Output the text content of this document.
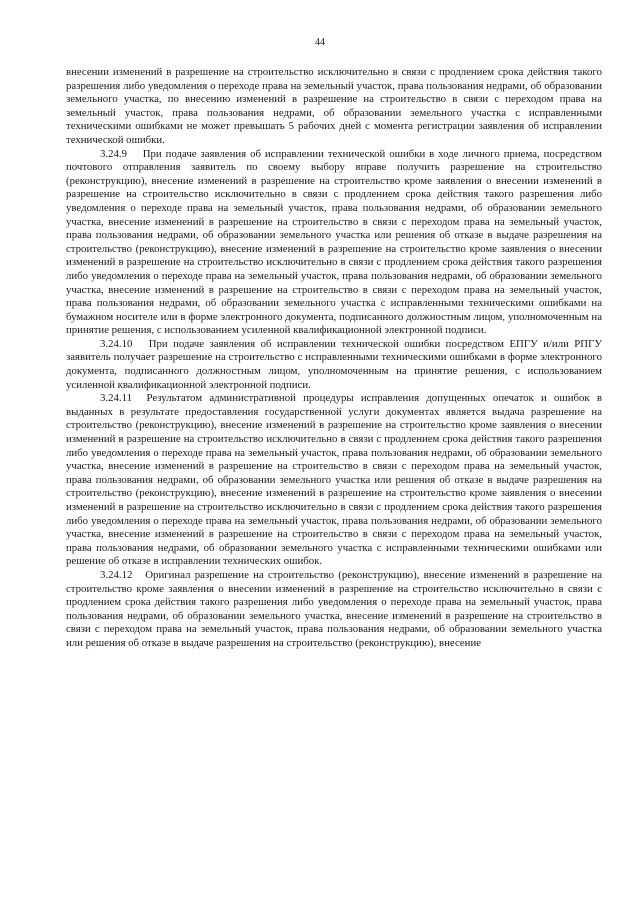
44

внесении изменений в разрешение на строительство исключительно в связи с продлением срока действия такого разрешения либо уведомления о переходе права на земельный участок, права пользования недрами, об образовании земельного участка, по внесению изменений в разрешение на строительство в связи с переходом права на земельный участок, права пользования недрами, об образовании земельного участка с исправленными техническими ошибками не может превышать 5 рабочих дней с момента регистрации заявления об исправлении технической ошибки.

3.24.9 При подаче заявления об исправлении технической ошибки в ходе личного приема, посредством почтового отправления заявитель по своему выбору вправе получить разрешение на строительство (реконструкцию), внесение изменений в разрешение на строительство кроме заявления о внесении изменений в разрешение на строительство исключительно в связи с продлением срока действия такого разрешения либо уведомления о переходе права на земельный участок, права пользования недрами, об образовании земельного участка, внесение изменений в разрешение на строительство в связи с переходом права на земельный участок, права пользования недрами, об образовании земельного участка или решения об отказе в выдаче разрешения на строительство (реконструкцию), внесение изменений в разрешение на строительство кроме заявления о внесении изменений в разрешение на строительство исключительно в связи с продлением срока действия такого разрешения либо уведомления о переходе права на земельный участок, права пользования недрами, об образовании земельного участка, внесение изменений в разрешение на строительство в связи с переходом права на земельный участок, права пользования недрами, об образовании земельного участка с исправленными техническими ошибками на бумажном носителе или в форме электронного документа, подписанного должностным лицом, уполномоченным на принятие решения, с использованием усиленной квалификационной электронной подписи.

3.24.10 При подаче заявления об исправлении технической ошибки посредством ЕПГУ и/или РПГУ заявитель получает разрешение на строительство с исправленными техническими ошибками в форме электронного документа, подписанного должностным лицом, уполномоченным на принятие решения, с использованием усиленной квалификационной электронной подписи.

3.24.11 Результатом административной процедуры исправления допущенных опечаток и ошибок в выданных в результате предоставления государственной услуги документах является выдача разрешение на строительство (реконструкцию), внесение изменений в разрешение на строительство кроме заявления о внесении изменений в разрешение на строительство исключительно в связи с продлением срока действия такого разрешения либо уведомления о переходе права на земельный участок, права пользования недрами, об образовании земельного участка, внесение изменений в разрешение на строительство в связи с переходом права на земельный участок, права пользования недрами, об образовании земельного участка или решения об отказе в выдаче разрешения на строительство (реконструкцию), внесение изменений в разрешение на строительство кроме заявления о внесении изменений в разрешение на строительство исключительно в связи с продлением срока действия такого разрешения либо уведомления о переходе права на земельный участок, права пользования недрами, об образовании земельного участка, внесение изменений в разрешение на строительство в связи с переходом права на земельный участок, права пользования недрами, об образовании земельного участка с исправленными техническими ошибками или решение об отказе в исправлении технических ошибок.

3.24.12 Оригинал разрешение на строительство (реконструкцию), внесение изменений в разрешение на строительство кроме заявления о внесении изменений в разрешение на строительство исключительно в связи с продлением срока действия такого разрешения либо уведомления о переходе права на земельный участок, права пользования недрами, об образовании земельного участка, внесение изменений в разрешение на строительство в связи с переходом права на земельный участок, права пользования недрами, об образовании земельного участка или решения об отказе в выдаче разрешения на строительство (реконструкцию), внесение
